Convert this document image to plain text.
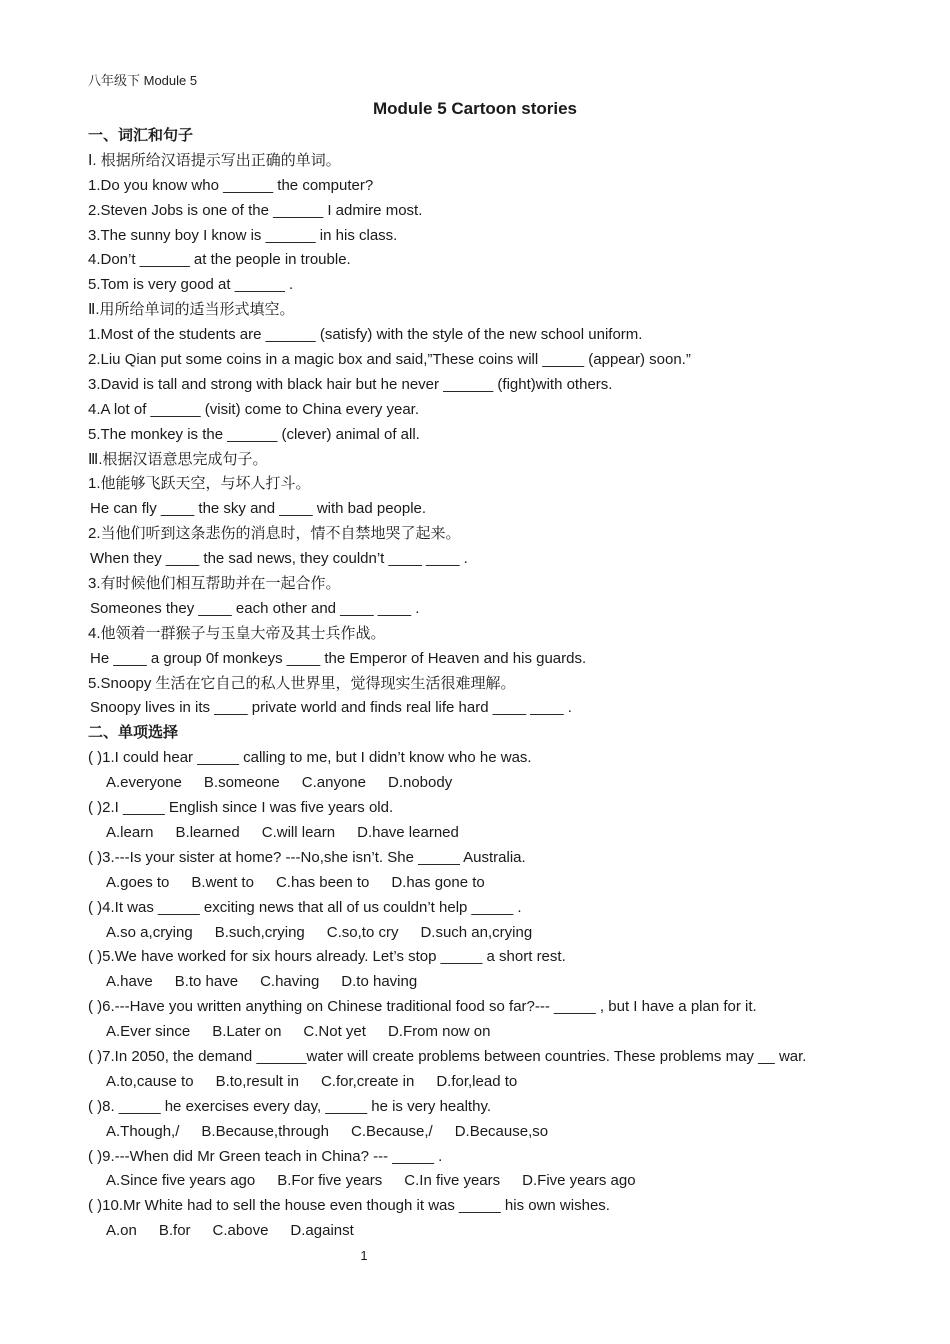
八年级下 Module 5
Module 5 Cartoon stories
一、词汇和句子
Ⅰ. 根据所给汉语提示写出正确的单词。
1.Do you know who ______ the computer?
2.Steven Jobs is one of the ______ I admire most.
3.The sunny boy I know is ______ in his class.
4.Don’t ______ at the people in trouble.
5.Tom is very good at ______ .
Ⅱ.用所给单词的适当形式填空。
1.Most of the students are ______ (satisfy) with the style of the new school uniform.
2.Liu Qian put some coins in a magic box and said,”These coins will _____ (appear) soon.”
3.David is tall and strong with black hair but he never ______ (fight)with others.
4.A lot of ______ (visit) come to China every year.
5.The monkey is the ______ (clever) animal of all.
Ⅲ.根据汉语意思完成句子。
1.他能够飞跃天空，与坏人打斗。
He can fly ____ the sky and ____ with bad people.
2.当他们听到这条悲伤的消息时，情不自禁地哭了起来。
When they ____ the sad news, they couldn’t ____ ____ .
3.有时候他们相互帮助并在一起合作。
Someones they ____ each other and ____ ____ .
4.他领着一群猴子与玉皇大帝及其士兵作战。
He ____ a group 0f monkeys ____ the Emperor of Heaven and his guards.
5.Snoopy 生活在它自己的私人世界里，觉得现实生活很难理解。
Snoopy lives in its ____ private world and finds real life hard ____ ____ .
二、单项选择
( )1.I could hear _____ calling to me, but I didn’t know who he was.
A.everyone B.someone C.anyone D.nobody
( )2.I _____ English since I was five years old.
A.learn B.learned C.will learn D.have learned
( )3.---Is your sister at home? ---No,she isn’t. She _____ Australia.
A.goes to B.went to C.has been to D.has gone to
( )4.It was _____ exciting news that all of us couldn’t help _____ .
A.so a,crying B.such,crying C.so,to cry D.such an,crying
( )5.We have worked for six hours already. Let’s stop _____ a short rest.
A.have B.to have C.having D.to having
( )6.---Have you written anything on Chinese traditional food so far?--- _____ , but I have a plan for it.
A.Ever since B.Later on C.Not yet D.From now on
( )7.In 2050, the demand ______water will create problems between countries. These problems may __ war.
A.to,cause to B.to,result in C.for,create in D.for,lead to
( )8. _____ he exercises every day, _____ he is very healthy.
A.Though,/ B.Because,through C.Because,/ D.Because,so
( )9.---When did Mr Green teach in China? --- _____ .
A.Since five years ago B.For five years C.In five years D.Five years ago
( )10.Mr White had to sell the house even though it was _____ his own wishes.
A.on B.for C.above D.against
1
